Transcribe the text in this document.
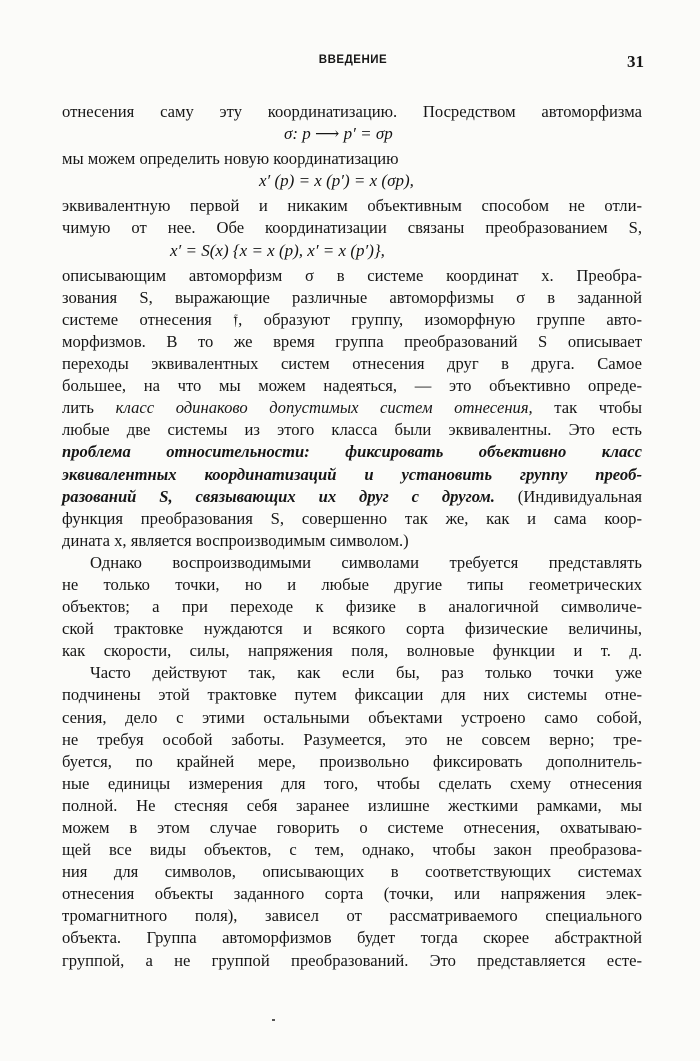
ВВЕДЕНИЕ	31
отнесения саму эту координатизацию. Посредством автоморфизма
σ: p ⟶ p′ = σp
мы можем определить новую координатизацию
x′ (p) = x (p′) = x (σp),
эквивалентную первой и никаким объективным способом не отли-
чимую от нее. Обе координатизации связаны преобразованием S,
x′ = S(x) {x = x (p), x′ = x (p′)},
описывающим автоморфизм σ в системе координат x. Преобра-
зования S, выражающие различные автоморфизмы σ в заданной
системе отнесения 𝔣, образуют группу, изоморфную группе авто-
морфизмов. В то же время группа преобразований S описывает
переходы эквивалентных систем отнесения друг в друга. Самое
большее, на что мы можем надеяться, — это объективно опреде-
лить класс одинаково допустимых систем отнесения, так чтобы
любые две системы из этого класса были эквивалентны. Это есть
проблема относительности: фиксировать объективно класс
эквивалентных координатизаций и установить группу преоб-
разований S, связывающих их друг с другом. (Индивидуальная
функция преобразования S, совершенно так же, как и сама коор-
дината x, является воспроизводимым символом.)
Однако воспроизводимыми символами требуется представлять
не только точки, но и любые другие типы геометрических
объектов; а при переходе к физике в аналогичной символиче-
ской трактовке нуждаются и всякого сорта физические величины,
как скорости, силы, напряжения поля, волновые функции и т. д.
Часто действуют так, как если бы, раз только точки уже
подчинены этой трактовке путем фиксации для них системы отне-
сения, дело с этими остальными объектами устроено само собой,
не требуя особой заботы. Разумеется, это не совсем верно; тре-
буется, по крайней мере, произвольно фиксировать дополнитель-
ные единицы измерения для того, чтобы сделать схему отнесения
полной. Не стесняя себя заранее излишне жесткими рамками, мы
можем в этом случае говорить о системе отнесения, охватываю-
щей все виды объектов, с тем, однако, чтобы закон преобразова-
ния для символов, описывающих в соответствующих системах
отнесения объекты заданного сорта (точки, или напряжения элек-
тромагнитного поля), зависел от рассматриваемого специального
объекта. Группа автоморфизмов будет тогда скорее абстрактной
группой, а не группой преобразований. Это представляется есте-
